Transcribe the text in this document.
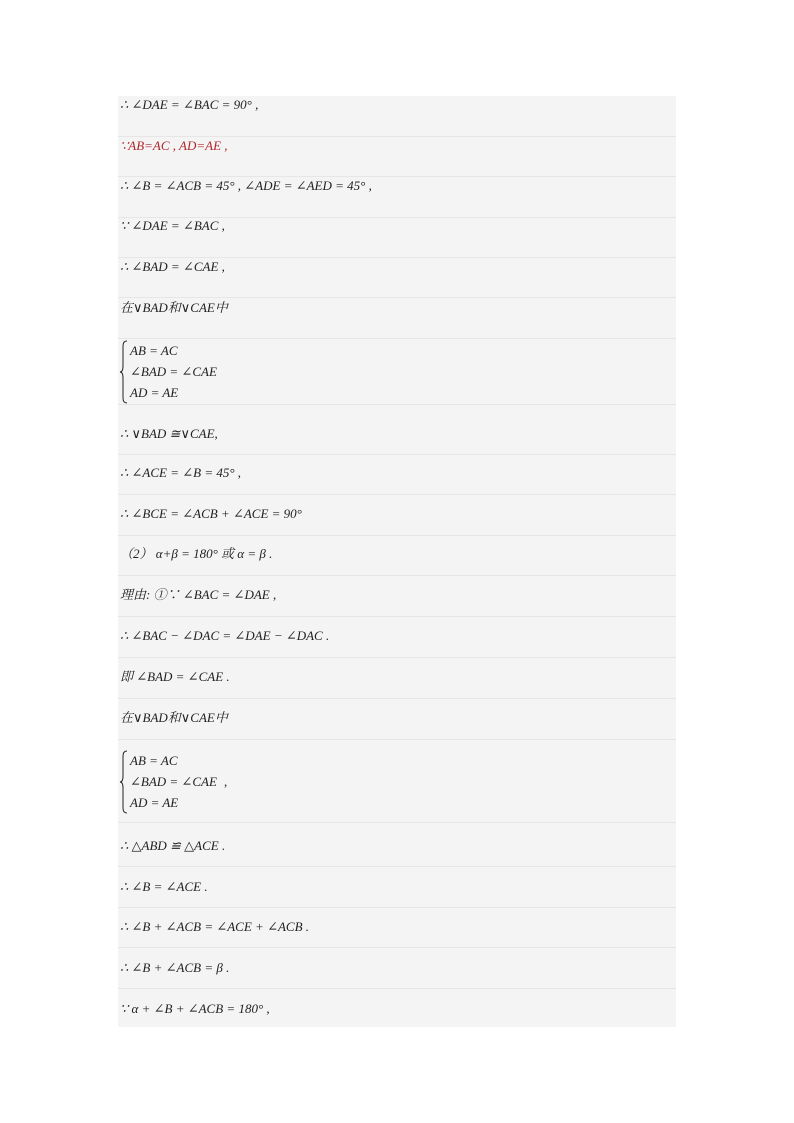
∴ ∠DAE = ∠BAC = 90° ,
∵AB=AC , AD=AE ,
∴ ∠B = ∠ACB = 45° , ∠ADE = ∠AED = 45° ,
∵ ∠DAE = ∠BAC ,
∴ ∠BAD = ∠CAE ,
在∨BAD和∨CAE中
AB = AC
∠BAD = ∠CAE
AD = AE
∴ ∨BAD ≅∨CAE,
∴ ∠ACE = ∠B = 45° ,
∴ ∠BCE = ∠ACB + ∠ACE = 90°
（2） α+β = 180° 或 α = β .
理由: ①∵ ∠BAC = ∠DAE ,
∴ ∠BAC − ∠DAC = ∠DAE − ∠DAC .
即 ∠BAD = ∠CAE .
在∨BAD和∨CAE中
AB = AC
∠BAD = ∠CAE
AD = AE
,
∴ △ABD ≌ △ACE .
∴ ∠B = ∠ACE .
∴ ∠B + ∠ACB = ∠ACE + ∠ACB .
∴ ∠B + ∠ACB = β .
∵ α + ∠B + ∠ACB = 180° ,
